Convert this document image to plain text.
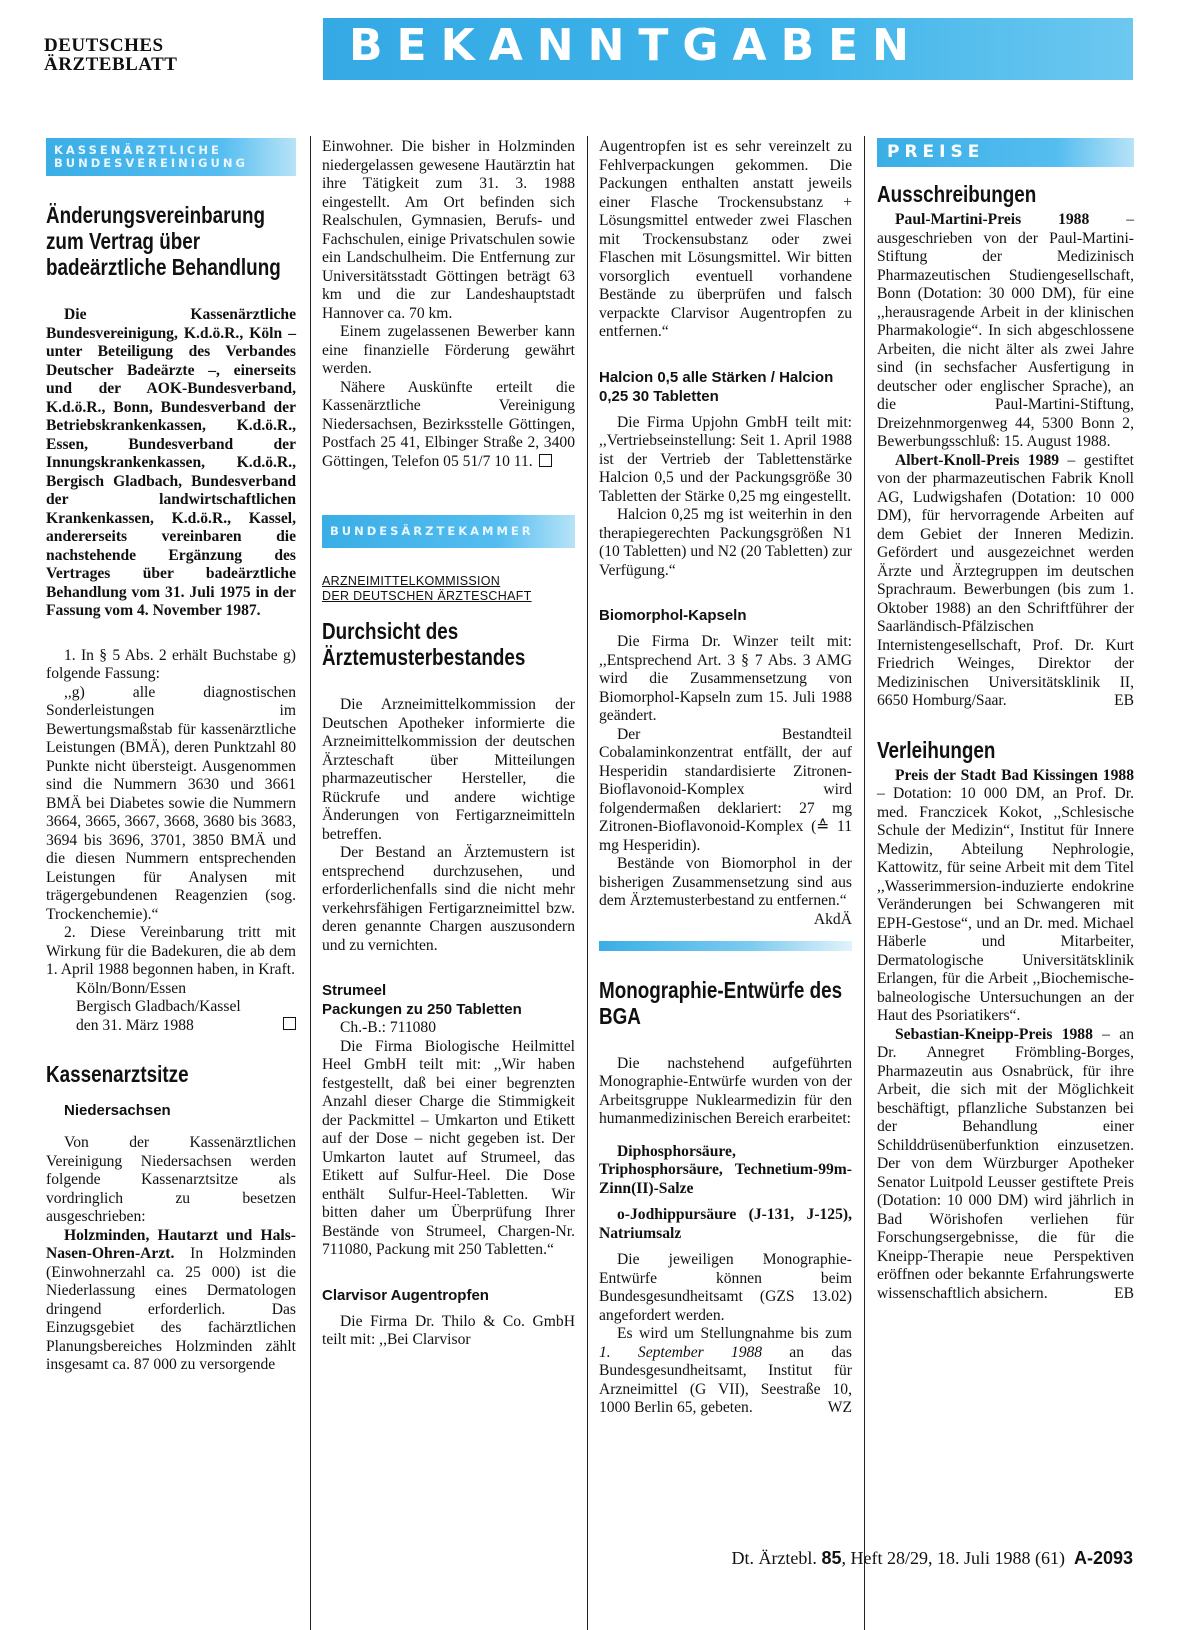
DEUTSCHES
ÄRZTEBLATT	BEKANNTGABEN
KASSENÄRZTLICHE
BUNDESVEREINIGUNG

Änderungsvereinbarung zum Vertrag über badeärztliche Behandlung

Die Kassenärztliche Bundesvereinigung, K.d.ö.R., Köln – unter Beteiligung des Verbandes Deutscher Badeärzte –, einerseits und der AOK-Bundesverband, K.d.ö.R., Bonn, Bundesverband der Betriebskrankenkassen, K.d.ö.R., Essen, Bundesverband der Innungskrankenkassen, K.d.ö.R., Bergisch Gladbach, Bundesverband der landwirtschaftlichen Krankenkassen, K.d.ö.R., Kassel, andererseits vereinbaren die nachstehende Ergänzung des Vertrages über badeärztliche Behandlung vom 31. Juli 1975 in der Fassung vom 4. November 1987.

1. In § 5 Abs. 2 erhält Buchstabe g) folgende Fassung:

,,g) alle diagnostischen Sonderleistungen im Bewertungsmaßstab für kassenärztliche Leistungen (BMÄ), deren Punktzahl 80 Punkte nicht übersteigt. Ausgenommen sind die Nummern 3630 und 3661 BMÄ bei Diabetes sowie die Nummern 3664, 3665, 3667, 3668, 3680 bis 3683, 3694 bis 3696, 3701, 3850 BMÄ und die diesen Nummern entsprechenden Leistungen für Analysen mit trägergebundenen Reagenzien (sog. Trockenchemie).“

2. Diese Vereinbarung tritt mit Wirkung für die Badekuren, die ab dem 1. April 1988 begonnen haben, in Kraft.

Köln/Bonn/Essen

Bergisch Gladbach/Kassel

den 31. März 1988

Kassenarztsitze

Niedersachsen

Von der Kassenärztlichen Vereinigung Niedersachsen werden folgende Kassenarztsitze als vordringlich zu besetzen ausgeschrieben:

Holzminden, Hautarzt und Hals-Nasen-Ohren-Arzt. In Holzminden (Einwohnerzahl ca. 25 000) ist die Niederlassung eines Dermatologen dringend erforderlich. Das Einzugsgebiet des fachärztlichen Planungsbereiches Holzminden zählt insgesamt ca. 87 000 zu versorgende

Einwohner. Die bisher in Holzminden niedergelassen gewesene Hautärztin hat ihre Tätigkeit zum 31. 3. 1988 eingestellt. Am Ort befinden sich Realschulen, Gymnasien, Berufs- und Fachschulen, einige Privatschulen sowie ein Landschulheim. Die Entfernung zur Universitätsstadt Göttingen beträgt 63 km und die zur Landeshauptstadt Hannover ca. 70 km.

Einem zugelassenen Bewerber kann eine finanzielle Förderung gewährt werden.

Nähere Auskünfte erteilt die Kassenärztliche Vereinigung Niedersachsen, Bezirksstelle Göttingen, Postfach 25 41, Elbinger Straße 2, 3400 Göttingen, Telefon 05 51/7 10 11.

BUNDESÄRZTEKAMMER

ARZNEIMITTELKOMMISSION

DER DEUTSCHEN ÄRZTESCHAFT

Durchsicht des Ärztemusterbestandes

Die Arzneimittelkommission der Deutschen Apotheker informierte die Arzneimittelkommission der deutschen Ärzteschaft über Mitteilungen pharmazeutischer Hersteller, die Rückrufe und andere wichtige Änderungen von Fertigarzneimitteln betreffen.

Der Bestand an Ärztemustern ist entsprechend durchzusehen, und erforderlichenfalls sind die nicht mehr verkehrsfähigen Fertigarzneimittel bzw. deren genannte Chargen auszusondern und zu vernichten.

Strumeel

Packungen zu 250 Tabletten

Ch.-B.: 711080

Die Firma Biologische Heilmittel Heel GmbH teilt mit: ,,Wir haben festgestellt, daß bei einer begrenzten Anzahl dieser Charge die Stimmigkeit der Packmittel – Umkarton und Etikett auf der Dose – nicht gegeben ist. Der Umkarton lautet auf Strumeel, das Etikett auf Sulfur-Heel. Die Dose enthält Sulfur-Heel-Tabletten. Wir bitten daher um Überprüfung Ihrer Bestände von Strumeel, Chargen-Nr. 711080, Packung mit 250 Tabletten.“

Clarvisor Augentropfen

Die Firma Dr. Thilo & Co. GmbH teilt mit: ,,Bei Clarvisor

Augentropfen ist es sehr vereinzelt zu Fehlverpackungen gekommen. Die Packungen enthalten anstatt jeweils einer Flasche Trockensubstanz + Lösungsmittel entweder zwei Flaschen mit Trockensubstanz oder zwei Flaschen mit Lösungsmittel. Wir bitten vorsorglich eventuell vorhandene Bestände zu überprüfen und falsch verpackte Clarvisor Augentropfen zu entfernen.“

Halcion 0,5 alle Stärken / Halcion 0,25 30 Tabletten

Die Firma Upjohn GmbH teilt mit: ,,Vertriebseinstellung: Seit 1. April 1988 ist der Vertrieb der Tablettenstärke Halcion 0,5 und der Packungsgröße 30 Tabletten der Stärke 0,25 mg eingestellt.

Halcion 0,25 mg ist weiterhin in den therapiegerechten Packungsgrößen N1 (10 Tabletten) und N2 (20 Tabletten) zur Verfügung.“

Biomorphol-Kapseln

Die Firma Dr. Winzer teilt mit: ,,Entsprechend Art. 3 § 7 Abs. 3 AMG wird die Zusammensetzung von Biomorphol-Kapseln zum 15. Juli 1988 geändert.

Der Bestandteil Cobalaminkonzentrat entfällt, der auf Hesperidin standardisierte Zitronen-Bioflavonoid-Komplex wird folgendermaßen deklariert: 27 mg Zitronen-Bioflavonoid-Komplex (≙ 11 mg Hesperidin).

Bestände von Biomorphol in der bisherigen Zusammensetzung sind aus dem Ärztemusterbestand zu entfernen.“
AkdÄ

Monographie-Entwürfe des BGA

Die nachstehend aufgeführten Monographie-Entwürfe wurden von der Arbeitsgruppe Nuklearmedizin für den humanmedizinischen Bereich erarbeitet:

Diphosphorsäure, Triphosphorsäure, Technetium-99m-Zinn(II)-Salze

o-Jodhippursäure (J-131, J-125), Natriumsalz

Die jeweiligen Monographie-Entwürfe können beim Bundesgesundheitsamt (GZS 13.02) angefordert werden.

Es wird um Stellungnahme bis zum 1. September 1988 an das Bundesgesundheitsamt, Institut für Arzneimittel (G VII), Seestraße 10, 1000 Berlin 65, gebeten.	WZ

PREISE

Ausschreibungen

Paul-Martini-Preis 1988 – ausgeschrieben von der Paul-Martini-Stiftung der Medizinisch Pharmazeutischen Studiengesellschaft, Bonn (Dotation: 30 000 DM), für eine ,,herausragende Arbeit in der klinischen Pharmakologie“. In sich abgeschlossene Arbeiten, die nicht älter als zwei Jahre sind (in sechsfacher Ausfertigung in deutscher oder englischer Sprache), an die Paul-Martini-Stiftung, Dreizehnmorgenweg 44, 5300 Bonn 2, Bewerbungsschluß: 15. August 1988.

Albert-Knoll-Preis 1989 – gestiftet von der pharmazeutischen Fabrik Knoll AG, Ludwigshafen (Dotation: 10 000 DM), für hervorragende Arbeiten auf dem Gebiet der Inneren Medizin. Gefördert und ausgezeichnet werden Ärzte und Ärztegruppen im deutschen Sprachraum. Bewerbungen (bis zum 1. Oktober 1988) an den Schriftführer der Saarländisch-Pfälzischen Internistengesellschaft, Prof. Dr. Kurt Friedrich Weinges, Direktor der Medizinischen Universitätsklinik II, 6650 Homburg/Saar.	EB

Verleihungen

Preis der Stadt Bad Kissingen 1988 – Dotation: 10 000 DM, an Prof. Dr. med. Franczicek Kokot, ,,Schlesische Schule der Medizin“, Institut für Innere Medizin, Abteilung Nephrologie, Kattowitz, für seine Arbeit mit dem Titel ,,Wasserimmersion-induzierte endokrine Veränderungen bei Schwangeren mit EPH-Gestose“, und an Dr. med. Michael Häberle und Mitarbeiter, Dermatologische Universitätsklinik Erlangen, für die Arbeit ,,Biochemische-balneologische Untersuchungen an der Haut des Psoriatikers“.

Sebastian-Kneipp-Preis 1988 – an Dr. Annegret Frömbling-Borges, Pharmazeutin aus Osnabrück, für ihre Arbeit, die sich mit der Möglichkeit beschäftigt, pflanzliche Substanzen bei der Behandlung einer Schilddrüsenüberfunktion einzusetzen. Der von dem Würzburger Apotheker Senator Luitpold Leusser gestiftete Preis (Dotation: 10 000 DM) wird jährlich in Bad Wörishofen verliehen für Forschungsergebnisse, die für die Kneipp-Therapie neue Perspektiven eröffnen oder bekannte Erfahrungswerte wissenschaftlich absichern.	EB

Dt. Ärztebl. 85, Heft 28/29, 18. Juli 1988 (61) A-2093
